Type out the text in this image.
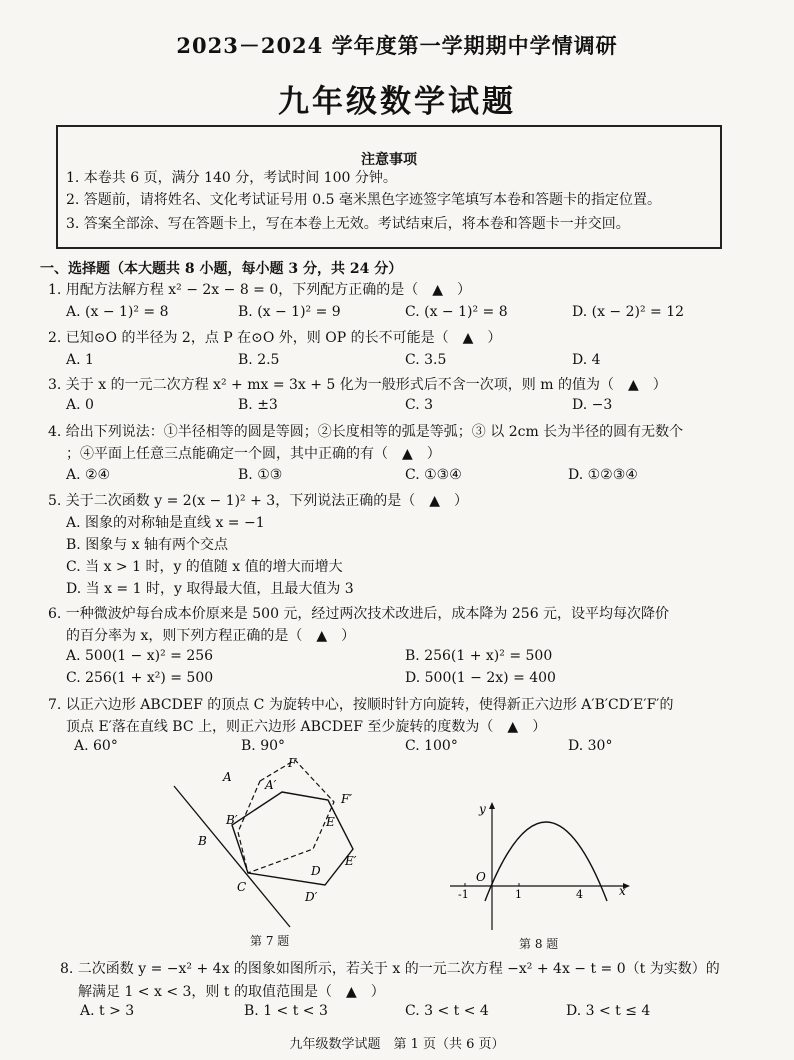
2023－2024 学年度第一学期期中学情调研
九年级数学试题
注意事项
1. 本卷共 6 页，满分 140 分，考试时间 100 分钟。
2. 答题前，请将姓名、文化考试证号用 0.5 毫米黑色字迹签字笔填写本卷和答题卡的指定位置。
3. 答案全部涂、写在答题卡上，写在本卷上无效。考试结束后，将本卷和答题卡一并交回。
一、选择题（本大题共 8 小题，每小题 3 分，共 24 分）
1. 用配方法解方程 x² − 2x − 8 = 0，下列配方正确的是（　▲　）
A. (x − 1)² = 8	B. (x − 1)² = 9	C. (x − 1)² = 8	D. (x − 2)² = 12
2. 已知⊙O 的半径为 2，点 P 在⊙O 外，则 OP 的长不可能是（　▲　）
A. 1	B. 2.5	C. 3.5	D. 4
3. 关于 x 的一元二次方程 x² + mx = 3x + 5 化为一般形式后不含一次项，则 m 的值为（　▲　）
A. 0	B. ±3	C. 3	D. −3
4. 给出下列说法：①半径相等的圆是等圆；②长度相等的弧是等弧；③ 以 2cm 长为半径的圆有无数个
；④平面上任意三点能确定一个圆，其中正确的有（　▲　）
A. ②④	B. ①③	C. ①③④	D. ①②③④
5. 关于二次函数 y = 2(x − 1)² + 3，下列说法正确的是（　▲　）
A. 图象的对称轴是直线 x = −1
B. 图象与 x 轴有两个交点
C. 当 x > 1 时，y 的值随 x 值的增大而增大
D. 当 x = 1 时，y 取得最大值，且最大值为 3
6. 一种微波炉每台成本价原来是 500 元，经过两次技术改进后，成本降为 256 元，设平均每次降价
的百分率为 x，则下列方程正确的是（　▲　）
A. 500(1 − x)² = 256	B. 256(1 + x)² = 500
C. 256(1 + x²) = 500	D. 500(1 − 2x) = 400
7. 以正六边形 ABCDEF 的顶点 C 为旋转中心，按顺时针方向旋转，使得新正六边形 A′B′CD′E′F′的
顶点 E′落在直线 BC 上，则正六边形 ABCDEF 至少旋转的度数为（　▲　）
A. 60°	B. 90°	C. 100°	D. 30°
A
F
A′
F′
B′	E
B
E′
D
C
D′
第 7 题
y
x
O
-1	1	4
第 8 题
8. 二次函数 y = −x² + 4x 的图象如图所示，若关于 x 的一元二次方程 −x² + 4x − t = 0（t 为实数）的
解满足 1 < x < 3，则 t 的取值范围是（　▲　）
A. t > 3	B. 1 < t < 3	C. 3 < t < 4	D. 3 < t ≤ 4
九年级数学试题　第 1 页（共 6 页）
